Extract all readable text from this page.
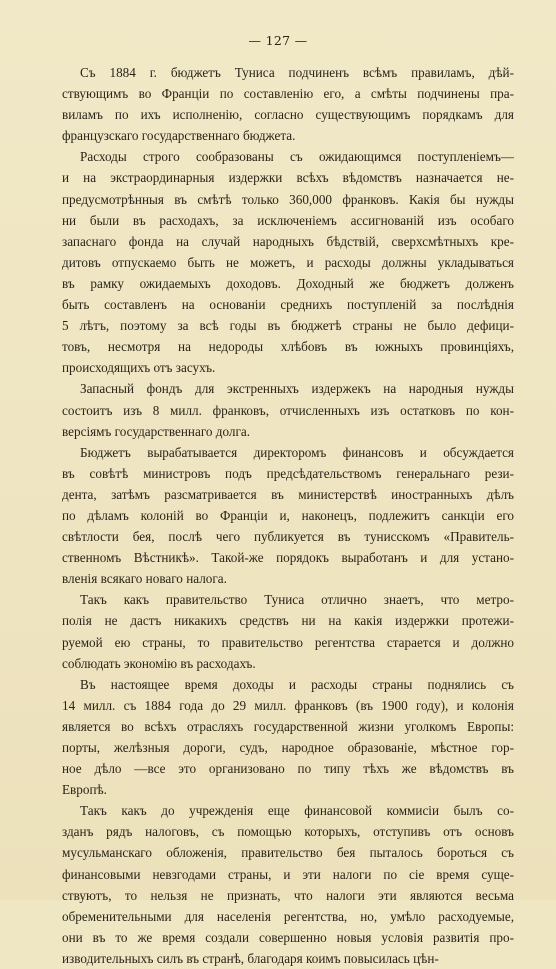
— 127 —

Съ 1884 г. бюджетъ Туниса подчиненъ всѣмъ правиламъ, дѣй-
ствующимъ во Франціи по составленію его, а смѣты подчинены пра-
виламъ по ихъ исполненію, согласно существующимъ порядкамъ для
французскаго государственнаго бюджета.

Расходы строго сообразованы съ ожидающимся поступленіемъ—
и на экстраординарныя издержки всѣхъ вѣдомствъ назначается не-
предусмотрѣнныя въ смѣтѣ только 360,000 франковъ. Какія бы нужды
ни были въ расходахъ, за исключеніемъ ассигнованій изъ особаго
запаснаго фонда на случай народныхъ бѣдствій, сверхсмѣтныхъ кре-
дитовъ отпускаемо быть не можетъ, и расходы должны укладываться
въ рамку ожидаемыхъ доходовъ. Доходный же бюджетъ долженъ
быть составленъ на основаніи среднихъ поступленій за послѣднія
5 лѣтъ, поэтому за всѣ годы въ бюджетѣ страны не было дефици-
товъ, несмотря на недороды хлѣбовъ въ южныхъ провинціяхъ,
происходящихъ отъ засухъ.

Запасный фондъ для экстренныхъ издержекъ на народныя нужды
состоитъ изъ 8 милл. франковъ, отчисленныхъ изъ остатковъ по кон-
версіямъ государственнаго долга.

Бюджетъ вырабатывается директоромъ финансовъ и обсуждается
въ совѣтѣ министровъ подъ предсѣдательствомъ генеральнаго рези-
дента, затѣмъ разсматривается въ министерствѣ иностранныхъ дѣлъ
по дѣламъ колоній во Франціи и, наконецъ, подлежитъ санкціи его
свѣтлости бея, послѣ чего публикуется въ тунисскомъ «Правитель-
ственномъ Вѣстникѣ». Такой-же порядокъ выработанъ и для устано-
вленія всякаго новаго налога.

Такъ какъ правительство Туниса отлично знаетъ, что метро-
полія не дастъ никакихъ средствъ ни на какія издержки протежи-
руемой ею страны, то правительство регентства старается и должно
соблюдать экономію въ расходахъ.

Въ настоящее время доходы и расходы страны поднялись съ
14 милл. съ 1884 года до 29 милл. франковъ (въ 1900 году), и колонія
является во всѣхъ отрасляхъ государственной жизни уголкомъ Европы:
порты, желѣзныя дороги, судъ, народное образованіе, мѣстное гор-
ное дѣло —все это организовано по типу тѣхъ же вѣдомствъ въ
Европѣ.

Такъ какъ до учрежденія еще финансовой коммисіи былъ со-
зданъ рядъ налоговъ, съ помощью которыхъ, отступивъ отъ основъ
мусульманскаго обложенія, правительство бея пыталось бороться съ
финансовыми невзгодами страны, и эти налоги по сіе время суще-
ствуютъ, то нельзя не признать, что налоги эти являются весьма
обременительными для населенія регентства, но, умѣло расходуемые,
они въ то же время создали совершенно новыя условія развитія про-
изводительныхъ силъ въ странѣ, благодаря коимъ повысилась цѣн-
